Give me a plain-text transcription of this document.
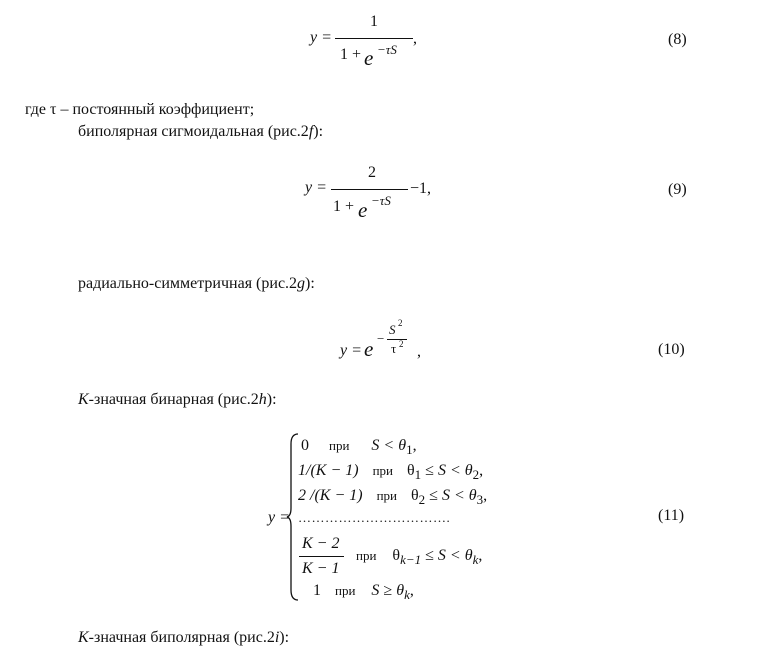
y =
1
1 + e −τS
,	(8)

где τ – постоянный коэффициент;

биполярная сигмоидальная (рис.2f):

y =
2
1 + e −τS
−1,	(9)

радиально-симметричная (рис.2g):

y = e −
S 2
τ 2 ,	(10)

K-значная бинарная (рис.2h):

y =
0 при $S < \theta_1$,
1/(K − 1) при $\theta_1 \le S < \theta_2$,
2 /(K − 1) при $\theta_2 \le S < \theta_3$,
…………………………….
K − 2
K − 1
при $\theta_{k-1} \le S < \theta_k$,
1 при $S \ge \theta_k$,
(11)

K-значная биполярная (рис.2i):
